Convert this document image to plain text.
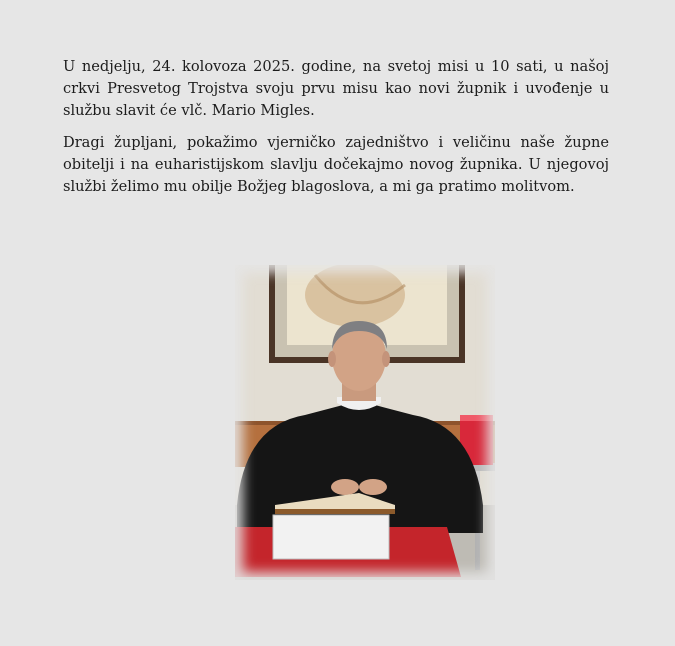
U nedjelju, 24. kolovoza 2025. godine, na svetoj misi u 10 sati, u našoj crkvi Presvetog Trojstva svoju prvu misu kao novi župnik i uvođenje u službu slavit će vlč. Mario Migles.

Dragi župljani, pokažimo vjerničko zajedništvo i veličinu naše župne obitelji i na euharistijskom slavlju dočekajmo novog župnika. U njegovoj službi želimo mu obilje Božjeg blagoslova, a mi ga pratimo molitvom.
